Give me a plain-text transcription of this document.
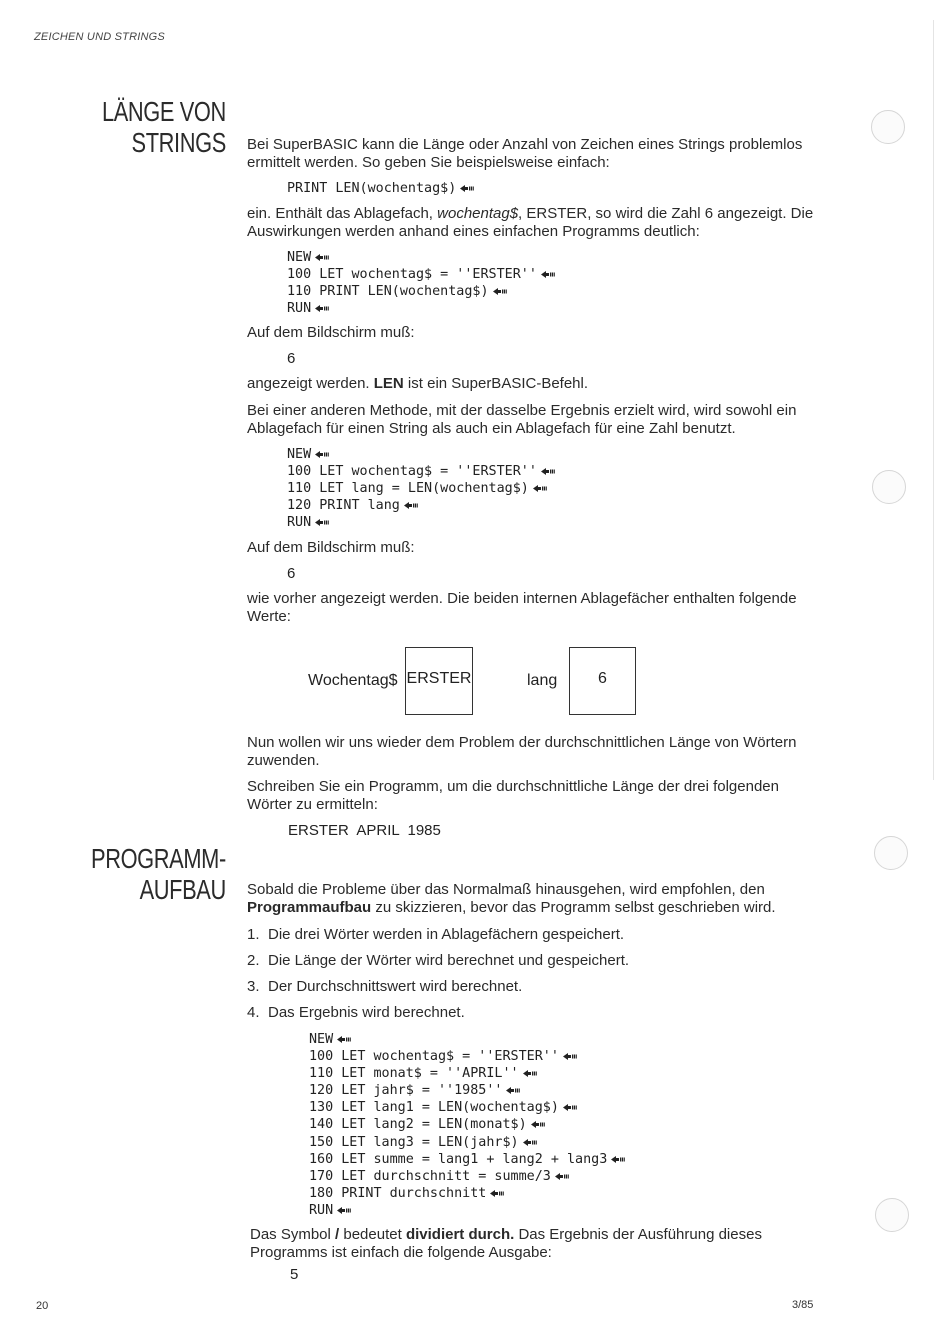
ZEICHEN UND STRINGS
LÄNGE VON
STRINGS Bei SuperBASIC kann die Länge oder Anzahl von Zeichen eines Strings problemlos ermittelt werden. So geben Sie beispielsweise einfach:

PRINT LEN(wochentag$)

ein. Enthält das Ablagefach, wochentag$, ERSTER, so wird die Zahl 6 angezeigt. Die Auswirkungen werden anhand eines einfachen Programms deutlich:

NEW
100 LET wochentag$ = ''ERSTER''
110 PRINT LEN(wochentag$)
RUN

Auf dem Bildschirm muß:

6

angezeigt werden. LEN ist ein SuperBASIC-Befehl.

Bei einer anderen Methode, mit der dasselbe Ergebnis erzielt wird, wird sowohl ein Ablagefach für einen String als auch ein Ablagefach für eine Zahl benutzt.

NEW
100 LET wochentag$ = ''ERSTER''
110 LET lang = LEN(wochentag$)
120 PRINT lang
RUN

Auf dem Bildschirm muß:

6

wie vorher angezeigt werden. Die beiden internen Ablagefächer enthalten folgende Werte:

Wochentag$ ERSTER	lang	6

Nun wollen wir uns wieder dem Problem der durchschnittlichen Länge von Wörtern zuwenden.

Schreiben Sie ein Programm, um die durchschnittliche Länge der drei folgenden Wörter zu ermitteln:

ERSTER  APRIL  1985
PROGRAMM-
AUFBAU Sobald die Probleme über das Normalmaß hinausgehen, wird empfohlen, den Programmaufbau zu skizzieren, bevor das Programm selbst geschrieben wird.

1. Die drei Wörter werden in Ablagefächern gespeichert.
2. Die Länge der Wörter wird berechnet und gespeichert.
3. Der Durchschnittswert wird berechnet.
4. Das Ergebnis wird berechnet.
NEW
100 LET wochentag$ = ''ERSTER''
110 LET monat$ = ''APRIL''
120 LET jahr$ = ''1985''
130 LET lang1 = LEN(wochentag$)
140 LET lang2 = LEN(monat$)
150 LET lang3 = LEN(jahr$)
160 LET summe = lang1 + lang2 + lang3
170 LET durchschnitt = summe/3
180 PRINT durchschnitt
RUN

Das Symbol / bedeutet dividiert durch. Das Ergebnis der Ausführung dieses Programms ist einfach die folgende Ausgabe:

5
20	3/85
